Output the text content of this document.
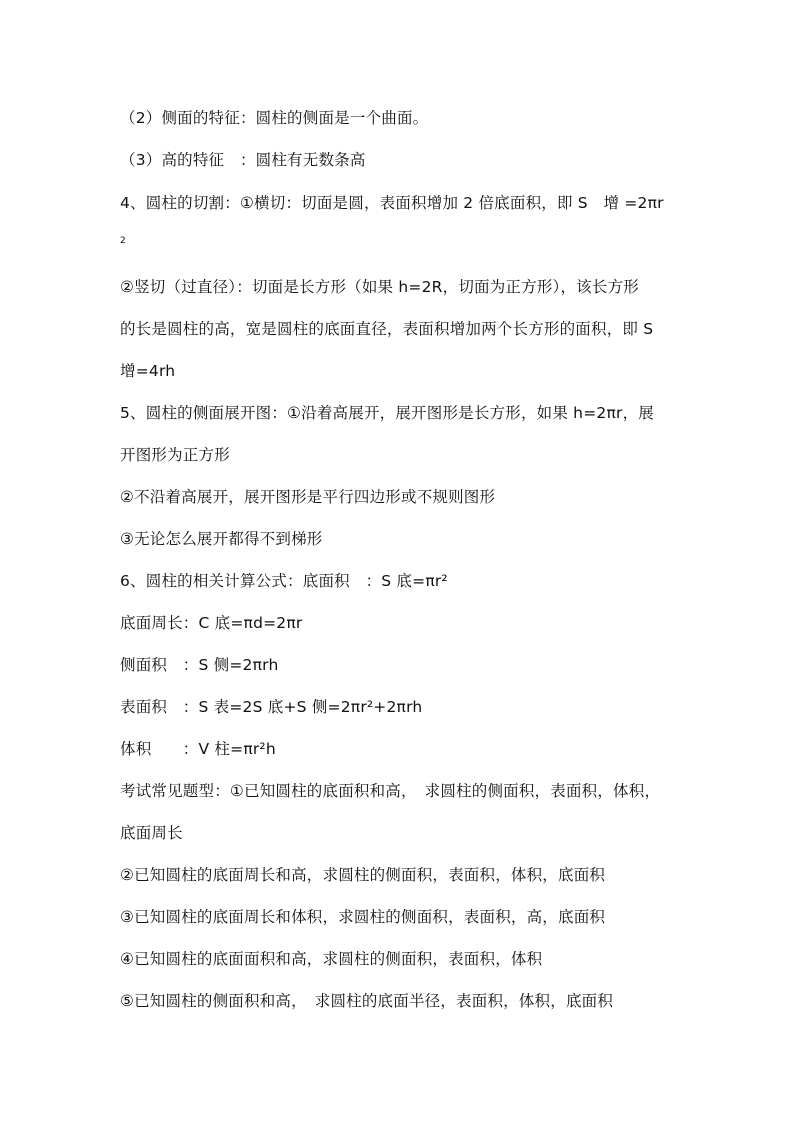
（2）侧面的特征：圆柱的侧面是一个曲面。
（3）高的特征　：圆柱有无数条高
4、圆柱的切割：①横切：切面是圆，表面积增加 2 倍底面积，即 S　增 =2πr
2
②竖切（过直径）：切面是长方形（如果 h=2R，切面为正方形），该长方形
的长是圆柱的高，宽是圆柱的底面直径，表面积增加两个长方形的面积，即 S
增=4rh
5、圆柱的侧面展开图：①沿着高展开，展开图形是长方形，如果 h=2πr，展
开图形为正方形
②不沿着高展开，展开图形是平行四边形或不规则图形
③无论怎么展开都得不到梯形
6、圆柱的相关计算公式：底面积　：S 底=πr²
底面周长：C 底=πd=2πr
侧面积　：S 侧=2πrh
表面积　：S 表=2S 底+S 侧=2πr²+2πrh
体积　　：V 柱=πr²h
考试常见题型：①已知圆柱的底面积和高，　求圆柱的侧面积，表面积，体积，
底面周长
②已知圆柱的底面周长和高，求圆柱的侧面积，表面积，体积，底面积
③已知圆柱的底面周长和体积，求圆柱的侧面积，表面积，高，底面积
④已知圆柱的底面面积和高，求圆柱的侧面积，表面积，体积
⑤已知圆柱的侧面积和高，　求圆柱的底面半径，表面积，体积，底面积
